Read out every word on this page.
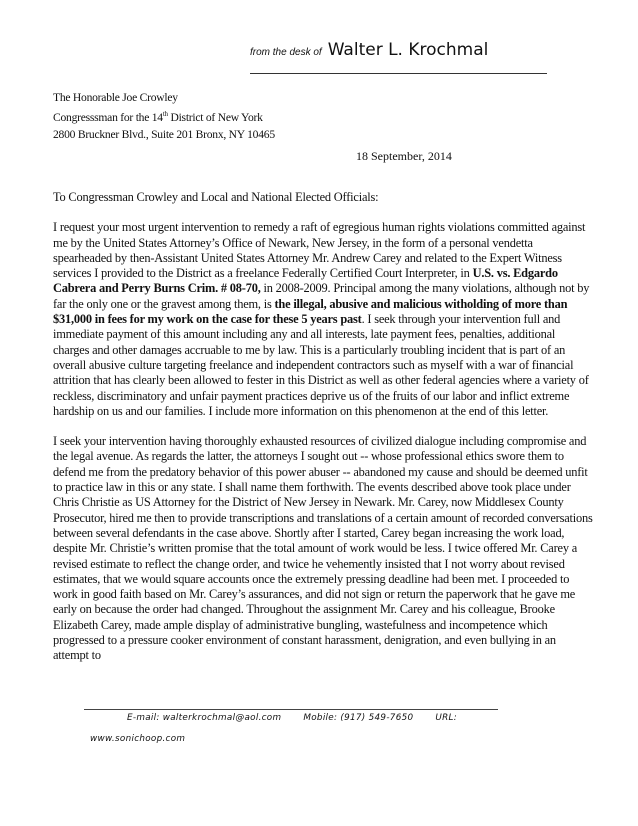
from the desk of Walter L. Krochmal
The Honorable Joe Crowley
Congresssman for the 14th District of New York
2800 Bruckner Blvd., Suite 201 Bronx, NY 10465
18 September, 2014

To Congressman Crowley and Local and National Elected Officials:

I request your most urgent intervention to remedy a raft of egregious human rights violations committed against me by the United States Attorney’s Office of Newark, New Jersey, in the form of a personal vendetta spearheaded by then-Assistant United States Attorney Mr. Andrew Carey and related to the Expert Witness services I provided to the District as a freelance Federally Certified Court Interpreter, in U.S. vs. Edgardo Cabrera and Perry Burns Crim. # 08-70, in 2008-2009. Principal among the many violations, although not by far the only one or the gravest among them, is the illegal, abusive and malicious witholding of more than $31,000 in fees for my work on the case for these 5 years past. I seek through your intervention full and immediate payment of this amount including any and all interests, late payment fees, penalties, additional charges and other damages accruable to me by law. This is a particularly troubling incident that is part of an overall abusive culture targeting freelance and independent contractors such as myself with a war of financial attrition that has clearly been allowed to fester in this District as well as other federal agencies where a variety of reckless, discriminatory and unfair payment practices deprive us of the fruits of our labor and inflict extreme hardship on us and our families. I include more information on this phenomenon at the end of this letter.

I seek your intervention having thoroughly exhausted resources of civilized dialogue including compromise and the legal avenue. As regards the latter, the attorneys I sought out -- whose professional ethics swore them to defend me from the predatory behavior of this power abuser -- abandoned my cause and should be deemed unfit to practice law in this or any state. I shall name them forthwith. The events described above took place under Chris Christie as US Attorney for the District of New Jersey in Newark. Mr. Carey, now Middlesex County Prosecutor, hired me then to provide transcriptions and translations of a certain amount of recorded conversations between several defendants in the case above. Shortly after I started, Carey began increasing the work load, despite Mr. Christie’s written promise that the total amount of work would be less. I twice offered Mr. Carey a revised estimate to reflect the change order, and twice he vehemently insisted that I not worry about revised estimates, that we would square accounts once the extremely pressing deadline had been met. I proceeded to work in good faith based on Mr. Carey’s assurances, and did not sign or return the paperwork that he gave me early on because the order had changed. Throughout the assignment Mr. Carey and his colleague, Brooke Elizabeth Carey, made ample display of administrative bungling, wastefulness and incompetence which progressed to a pressure cooker environment of constant harassment, denigration, and even bullying in an attempt to

E-mail: walterkrochmal@aol.com	Mobile: (917) 549-7650	URL:
www.sonichoop.com
